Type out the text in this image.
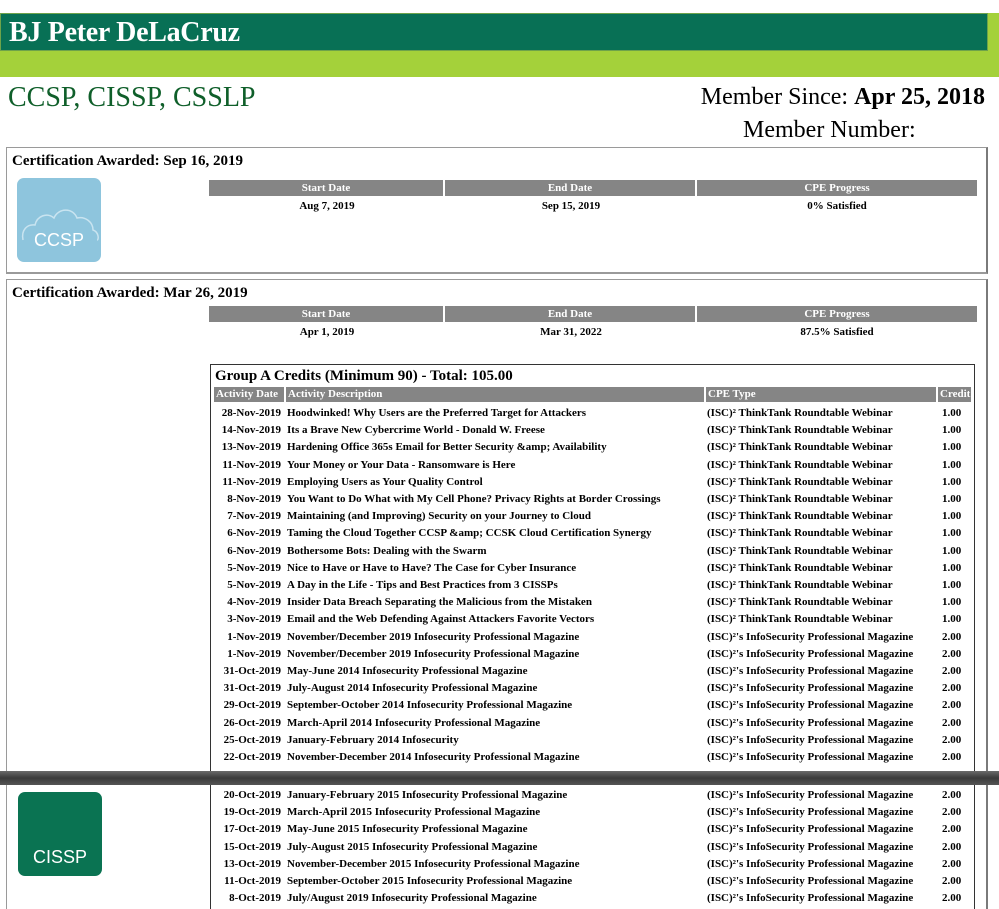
BJ Peter DeLaCruz
CCSP, CISSP, CSSLP	Member Since: Apr 25, 2018
Member Number:
Certification Awarded: Sep 16, 2019
CCSP
Start Date	End Date	CPE Progress
Aug 7, 2019	Sep 15, 2019	0% Satisfied
Certification Awarded: Mar 26, 2019
Start Date	End Date	CPE Progress
Apr 1, 2019	Mar 31, 2022	87.5% Satisfied
Group A Credits (Minimum 90) - Total: 105.00
Activity Date Activity Description	CPE Type	Credit
28-Nov-2019 Hoodwinked! Why Users are the Preferred Target for Attackers	(ISC)² ThinkTank Roundtable Webinar	1.00
14-Nov-2019 Its a Brave New Cybercrime World - Donald W. Freese	(ISC)² ThinkTank Roundtable Webinar	1.00
13-Nov-2019 Hardening Office 365s Email for Better Security &amp; Availability	(ISC)² ThinkTank Roundtable Webinar	1.00
11-Nov-2019 Your Money or Your Data - Ransomware is Here	(ISC)² ThinkTank Roundtable Webinar	1.00
11-Nov-2019 Employing Users as Your Quality Control	(ISC)² ThinkTank Roundtable Webinar	1.00
8-Nov-2019 You Want to Do What with My Cell Phone? Privacy Rights at Border Crossings	(ISC)² ThinkTank Roundtable Webinar	1.00
7-Nov-2019 Maintaining (and Improving) Security on your Journey to Cloud	(ISC)² ThinkTank Roundtable Webinar	1.00
6-Nov-2019 Taming the Cloud Together CCSP &amp; CCSK Cloud Certification Synergy	(ISC)² ThinkTank Roundtable Webinar	1.00
6-Nov-2019 Bothersome Bots: Dealing with the Swarm	(ISC)² ThinkTank Roundtable Webinar	1.00
5-Nov-2019 Nice to Have or Have to Have? The Case for Cyber Insurance	(ISC)² ThinkTank Roundtable Webinar	1.00
5-Nov-2019 A Day in the Life - Tips and Best Practices from 3 CISSPs	(ISC)² ThinkTank Roundtable Webinar	1.00
4-Nov-2019 Insider Data Breach Separating the Malicious from the Mistaken	(ISC)² ThinkTank Roundtable Webinar	1.00
3-Nov-2019 Email and the Web Defending Against Attackers Favorite Vectors	(ISC)² ThinkTank Roundtable Webinar	1.00
1-Nov-2019 November/December 2019 Infosecurity Professional Magazine	(ISC)²'s InfoSecurity Professional Magazine	2.00
1-Nov-2019 November/December 2019 Infosecurity Professional Magazine	(ISC)²'s InfoSecurity Professional Magazine	2.00
31-Oct-2019 May-June 2014 Infosecurity Professional Magazine	(ISC)²'s InfoSecurity Professional Magazine	2.00
31-Oct-2019 July-August 2014 Infosecurity Professional Magazine	(ISC)²'s InfoSecurity Professional Magazine	2.00
29-Oct-2019 September-October 2014 Infosecurity Professional Magazine	(ISC)²'s InfoSecurity Professional Magazine	2.00
26-Oct-2019 March-April 2014 Infosecurity Professional Magazine	(ISC)²'s InfoSecurity Professional Magazine	2.00
25-Oct-2019 January-February 2014 Infosecurity	(ISC)²'s InfoSecurity Professional Magazine	2.00
22-Oct-2019 November-December 2014 Infosecurity Professional Magazine	(ISC)²'s InfoSecurity Professional Magazine	2.00
20-Oct-2019 January-February 2015 Infosecurity Professional Magazine	(ISC)²'s InfoSecurity Professional Magazine	2.00
19-Oct-2019 March-April 2015 Infosecurity Professional Magazine	(ISC)²'s InfoSecurity Professional Magazine	2.00
17-Oct-2019 May-June 2015 Infosecurity Professional Magazine	(ISC)²'s InfoSecurity Professional Magazine	2.00
15-Oct-2019 July-August 2015 Infosecurity Professional Magazine	(ISC)²'s InfoSecurity Professional Magazine	2.00
13-Oct-2019 November-December 2015 Infosecurity Professional Magazine	(ISC)²'s InfoSecurity Professional Magazine	2.00
11-Oct-2019 September-October 2015 Infosecurity Professional Magazine	(ISC)²'s InfoSecurity Professional Magazine	2.00
8-Oct-2019 July/August 2019 Infosecurity Professional Magazine	(ISC)²'s InfoSecurity Professional Magazine	2.00
CISSP
